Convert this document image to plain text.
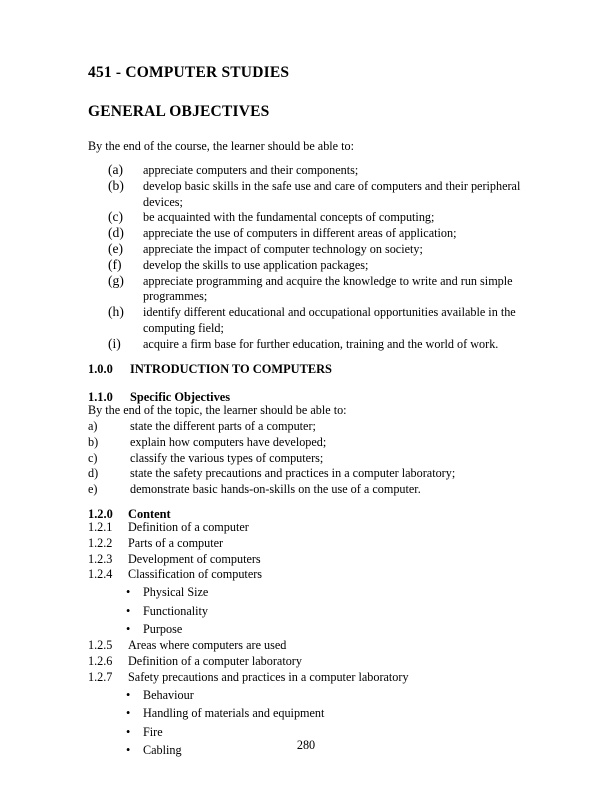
451 - COMPUTER STUDIES
GENERAL OBJECTIVES
By the end of the course, the learner should be able to:
(a) appreciate computers and their components;
(b) develop basic skills in the safe use and care of computers and their peripheral devices;
(c) be acquainted with the fundamental concepts of computing;
(d) appreciate the use of computers in different areas of application;
(e) appreciate the impact of computer technology on society;
(f) develop the skills to use application packages;
(g) appreciate programming and acquire the knowledge to write and run simple programmes;
(h) identify different educational and occupational opportunities available in the computing field;
(i) acquire a firm base for further education, training and the world of work.
1.0.0 INTRODUCTION TO COMPUTERS
1.1.0 Specific Objectives
By the end of the topic, the learner should be able to:
a)	state the different parts of a computer;
b)	explain how computers have developed;
c)	classify the various types of computers;
d)	state the safety precautions and practices in a computer laboratory;
e)	demonstrate basic hands-on-skills on the use of a computer.
1.2.0 Content
1.2.1 Definition of a computer
1.2.2 Parts of a computer
1.2.3 Development of computers
1.2.4 Classification of computers
• Physical Size
• Functionality
• Purpose
1.2.5 Areas where computers are used
1.2.6 Definition of a computer laboratory
1.2.7 Safety precautions and practices in a computer laboratory
• Behaviour
• Handling of materials and equipment
• Fire
• Cabling	280
